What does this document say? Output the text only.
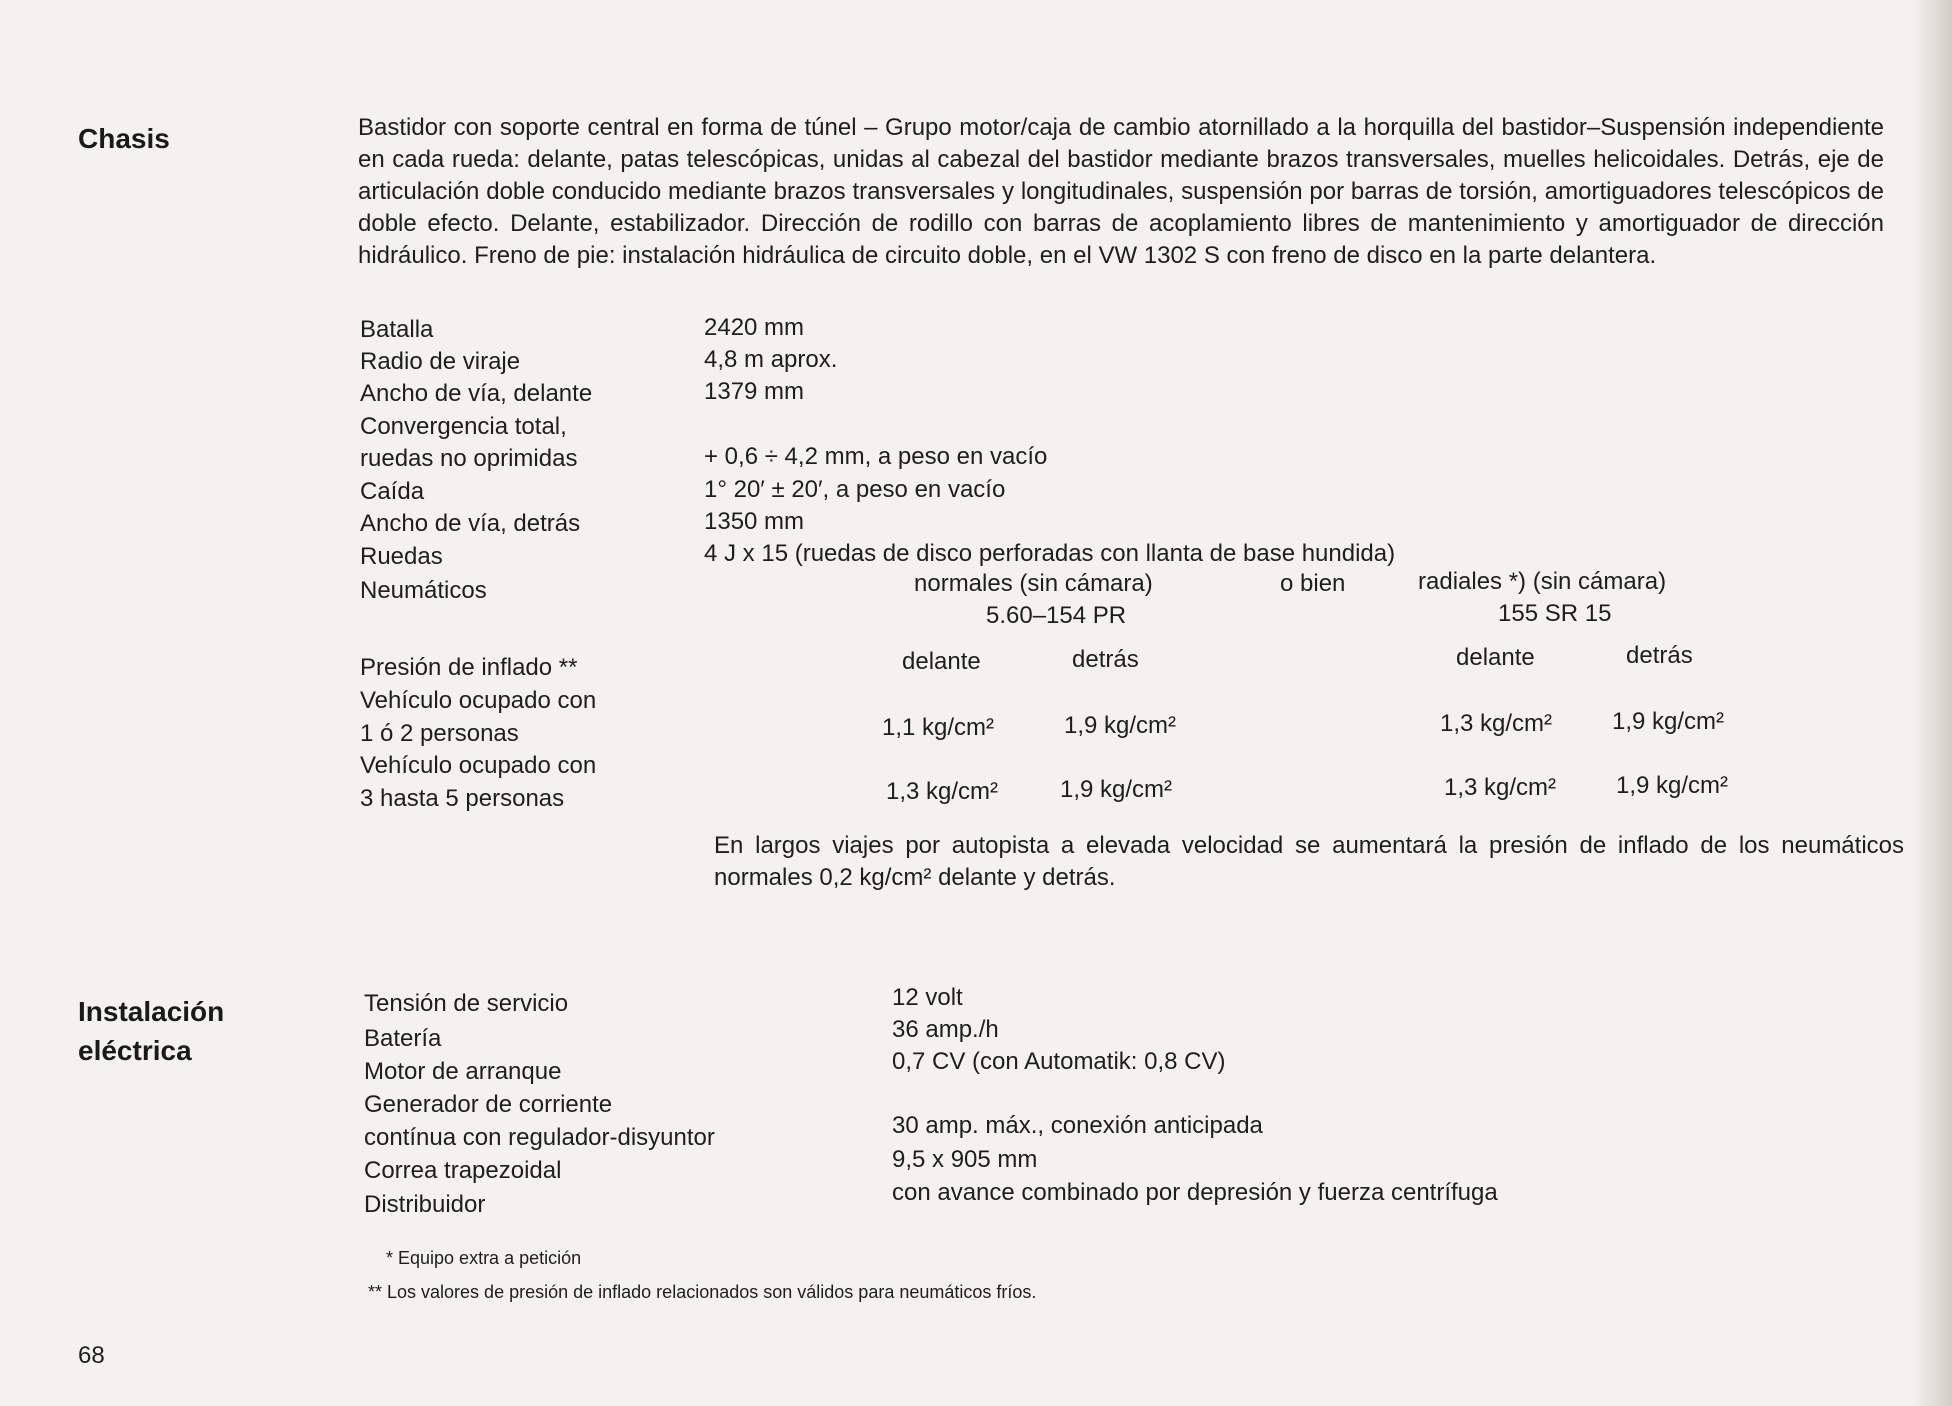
Chasis	Bastidor con soporte central en forma de túnel – Grupo motor/caja de cambio atornillado a la horquilla del bastidor–Suspensión independiente en cada rueda: delante, patas telescópicas, unidas al cabezal del bastidor mediante brazos transversales, muelles helicoidales. Detrás, eje de articulación doble conducido mediante brazos transversales y longitudinales, suspensión por barras de torsión, amortiguadores telescópicos de doble efecto. Delante, estabilizador. Dirección de rodillo con barras de acoplamiento libres de mantenimiento y amortiguador de dirección hidráulico. Freno de pie: instalación hidráulica de circuito doble, en el VW 1302 S con freno de disco en la parte delantera.
Batalla	2420 mm
Radio de viraje	4,8 m aprox.
Ancho de vía, delante	1379 mm
Convergencia total,
ruedas no oprimidas	+ 0,6 ÷ 4,2 mm, a peso en vacío
Caída	1° 20′ ± 20′, a peso en vacío
Ancho de vía, detrás	1350 mm
Ruedas	4 J x 15 (ruedas de disco perforadas con llanta de base hundida)
Neumáticos	normales (sin cámara)	o bien	radiales *) (sin cámara)
5.60–154 PR	155 SR 15
Presión de inflado **	delante	detrás	delante	detrás
Vehículo ocupado con
1 ó 2 personas	1,1 kg/cm²	1,9 kg/cm²	1,3 kg/cm² 1,9 kg/cm²
Vehículo ocupado con
3 hasta 5 personas	1,3 kg/cm²	1,9 kg/cm²	1,3 kg/cm² 1,9 kg/cm²
En largos viajes por autopista a elevada velocidad se aumentará la presión de inflado de los neumáticos normales 0,2 kg/cm² delante y detrás.
Instalación
eléctrica
Tensión de servicio	12 volt
Batería	36 amp./h
Motor de arranque	0,7 CV (con Automatik: 0,8 CV)
Generador de corriente
contínua con regulador-disyuntor	30 amp. máx., conexión anticipada
Correa trapezoidal	9,5 x 905 mm
Distribuidor	con avance combinado por depresión y fuerza centrífuga
* Equipo extra a petición
** Los valores de presión de inflado relacionados son válidos para neumáticos fríos.
68
